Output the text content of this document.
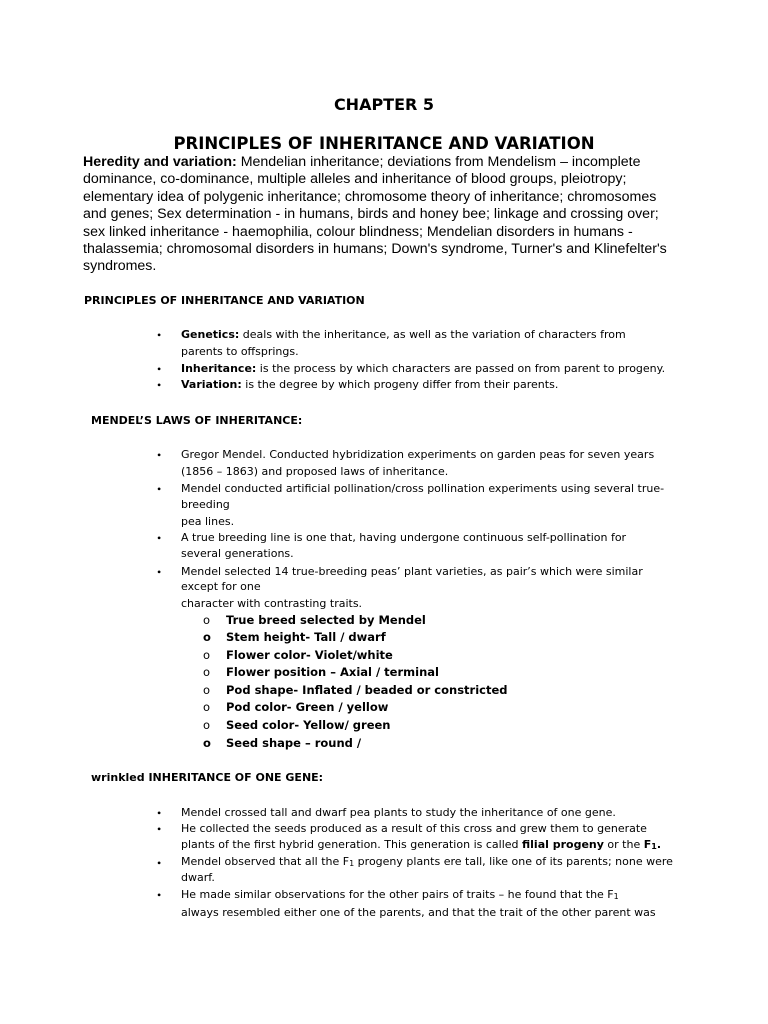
CHAPTER 5
PRINCIPLES OF INHERITANCE AND VARIATION
Heredity and variation: Mendelian inheritance; deviations from Mendelism – incomplete dominance, co-dominance, multiple alleles and inheritance of blood groups, pleiotropy; elementary idea of polygenic inheritance; chromosome theory of inheritance; chromosomes and genes; Sex determination - in humans, birds and honey bee; linkage and crossing over; sex linked inheritance - haemophilia, colour blindness; Mendelian disorders in humans - thalassemia; chromosomal disorders in humans; Down's syndrome, Turner's and Klinefelter's syndromes.
PRINCIPLES OF INHERITANCE AND VARIATION
• Genetics: deals with the inheritance, as well as the variation of characters from
parents to offsprings.
• Inheritance: is the process by which characters are passed on from parent to progeny.
• Variation: is the degree by which progeny differ from their parents.
MENDEL’S LAWS OF INHERITANCE:
• Gregor Mendel. Conducted hybridization experiments on garden peas for seven years
(1856 – 1863) and proposed laws of inheritance.
• Mendel conducted artificial pollination/cross pollination experiments using several true-
breeding
pea lines.
• A true breeding line is one that, having undergone continuous self-pollination for
several generations.
• Mendel selected 14 true-breeding peas’ plant varieties, as pair’s which were similar
except for one
character with contrasting traits.
o True breed selected by Mendel
o Stem height- Tall / dwarf
o Flower color- Violet/white
o Flower position – Axial / terminal
o Pod shape- Inflated / beaded or constricted
o Pod color- Green / yellow
o Seed color- Yellow/ green
o Seed shape – round /
wrinkled INHERITANCE OF ONE GENE:
• Mendel crossed tall and dwarf pea plants to study the inheritance of one gene.
• He collected the seeds produced as a result of this cross and grew them to generate
plants of the first hybrid generation. This generation is called filial progeny or the $F_1$.
• Mendel observed that all the $F_1$ progeny plants ere tall, like one of its parents; none were
dwarf.
• He made similar observations for the other pairs of traits – he found that the $F_1$
always resembled either one of the parents, and that the trait of the other parent was
